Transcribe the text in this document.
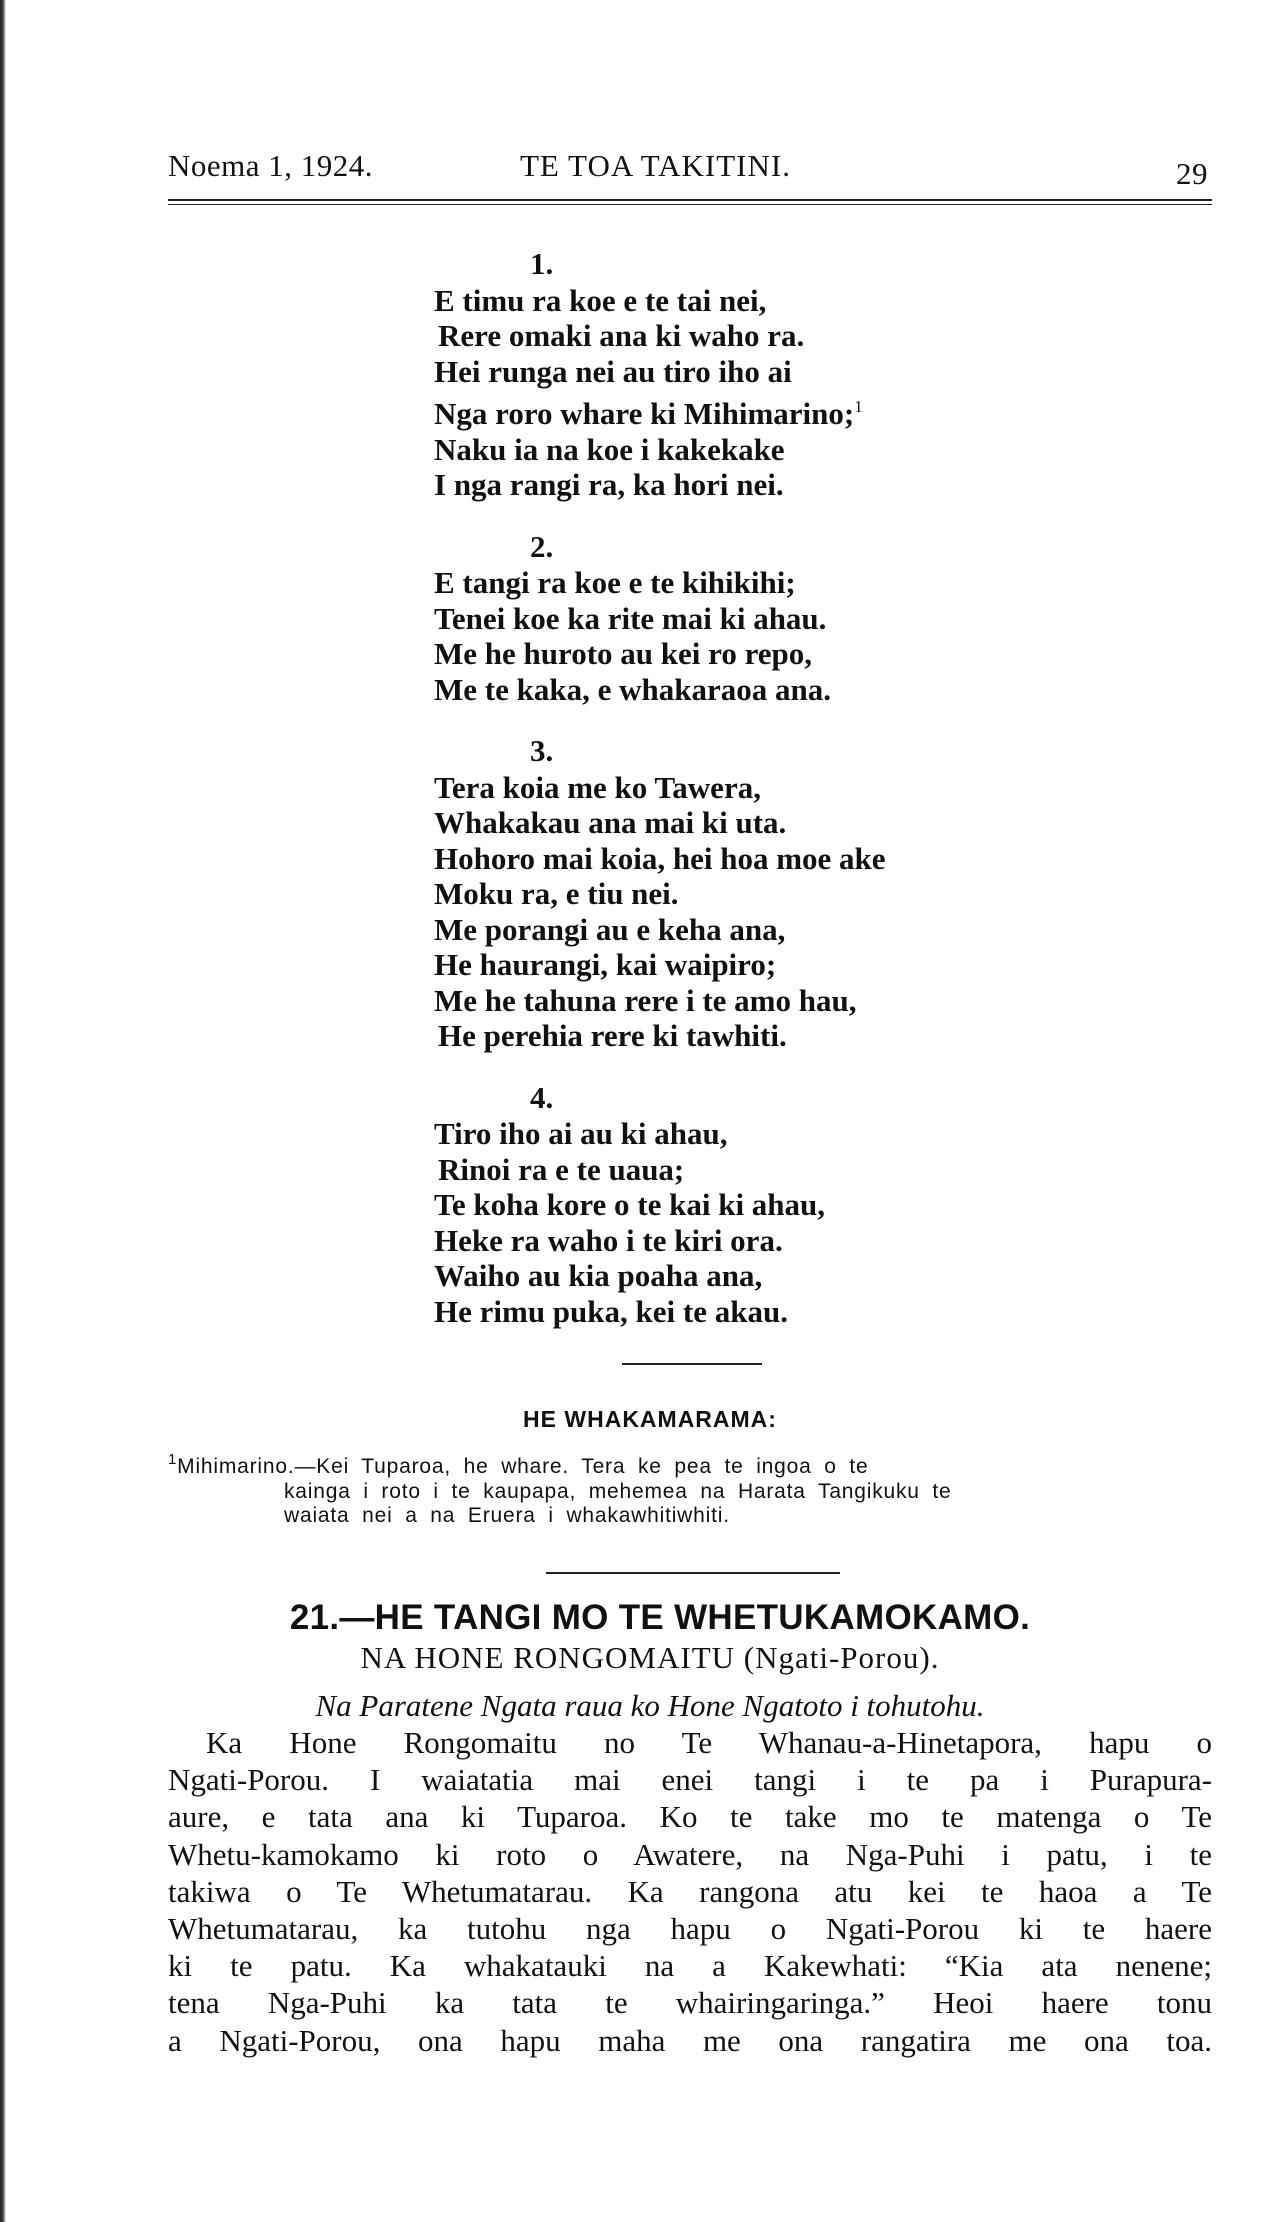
Noema 1, 1924.	TE TOA TAKITINI.	29
1.
E timu ra koe e te tai nei,
Rere omaki ana ki waho ra.
Hei runga nei au tiro iho ai
Nga roro whare ki Mihimarino;$^1$
Naku ia na koe i kakekake
I nga rangi ra, ka hori nei.
2.
E tangi ra koe e te kihikihi;
Tenei koe ka rite mai ki ahau.
Me he huroto au kei ro repo,
Me te kaka, e whakaraoa ana.
3.
Tera koia me ko Tawera,
Whakakau ana mai ki uta.
Hohoro mai koia, hei hoa moe ake
Moku ra, e tiu nei.
Me porangi au e keha ana,
He haurangi, kai waipiro;
Me he tahuna rere i te amo hau,
He perehia rere ki tawhiti.
4.
Tiro iho ai au ki ahau,
Rinoi ra e te uaua;
Te koha kore o te kai ki ahau,
Heke ra waho i te kiri ora.
Waiho au kia poaha ana,
He rimu puka, kei te akau.
HE WHAKAMARAMA:

$^1$Mihimarino.—Kei Tuparoa, he whare. Tera ke pea te ingoa o te

kainga i roto i te kaupapa, mehemea na Harata Tangikuku te

waiata nei a na Eruera i whakawhitiwhiti.

21.—HE TANGI MO TE WHETUKAMOKAMO.
NA HONE RONGOMAITU (Ngati-Porou).
Na Paratene Ngata raua ko Hone Ngatoto i tohutohu.
Ka Hone Rongomaitu no Te Whanau-a-Hinetapora, hapu o
Ngati-Porou. I waiatatia mai enei tangi i te pa i Purapura-
aure, e tata ana ki Tuparoa. Ko te take mo te matenga o Te
Whetu-kamokamo ki roto o Awatere, na Nga-Puhi i patu, i te
takiwa o Te Whetumatarau. Ka rangona atu kei te haoa a Te
Whetumatarau, ka tutohu nga hapu o Ngati-Porou ki te haere
ki te patu. Ka whakatauki na a Kakewhati: “Kia ata nenene;
tena Nga-Puhi ka tata te whairingaringa.” Heoi haere tonu
a Ngati-Porou, ona hapu maha me ona rangatira me ona toa.
